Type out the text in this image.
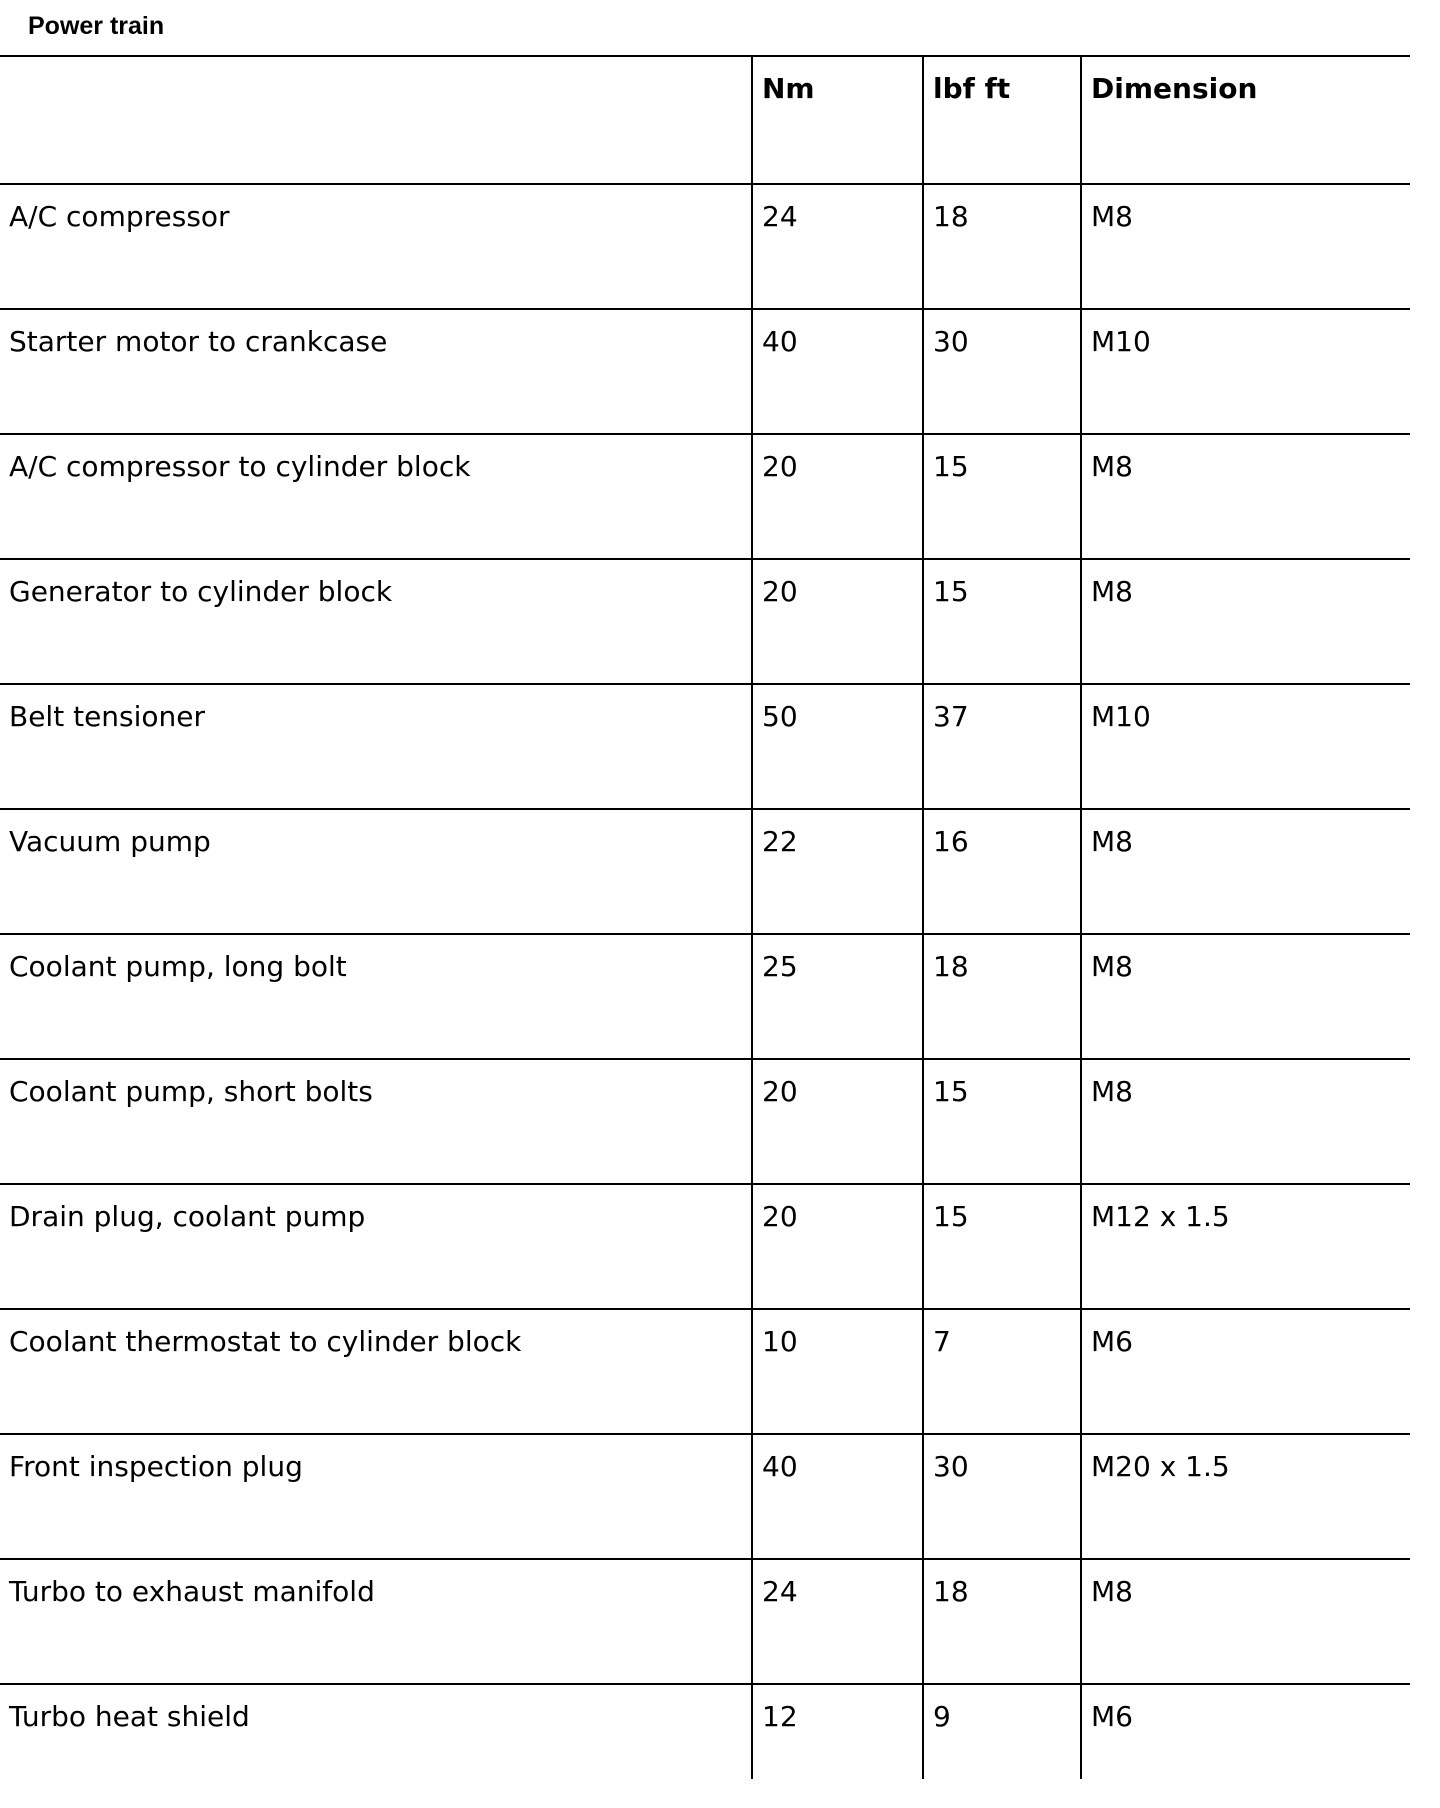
Power train
	Nm	lbf ft	Dimension
A/C compressor	24	18	M8
Starter motor to crankcase	40	30	M10
A/C compressor to cylinder block	20	15	M8
Generator to cylinder block	20	15	M8
Belt tensioner	50	37	M10
Vacuum pump	22	16	M8
Coolant pump, long bolt	25	18	M8
Coolant pump, short bolts	20	15	M8
Drain plug, coolant pump	20	15	M12 x 1.5
Coolant thermostat to cylinder block	10	7	M6
Front inspection plug	40	30	M20 x 1.5
Turbo to exhaust manifold	24	18	M8
Turbo heat shield	12	9	M6
